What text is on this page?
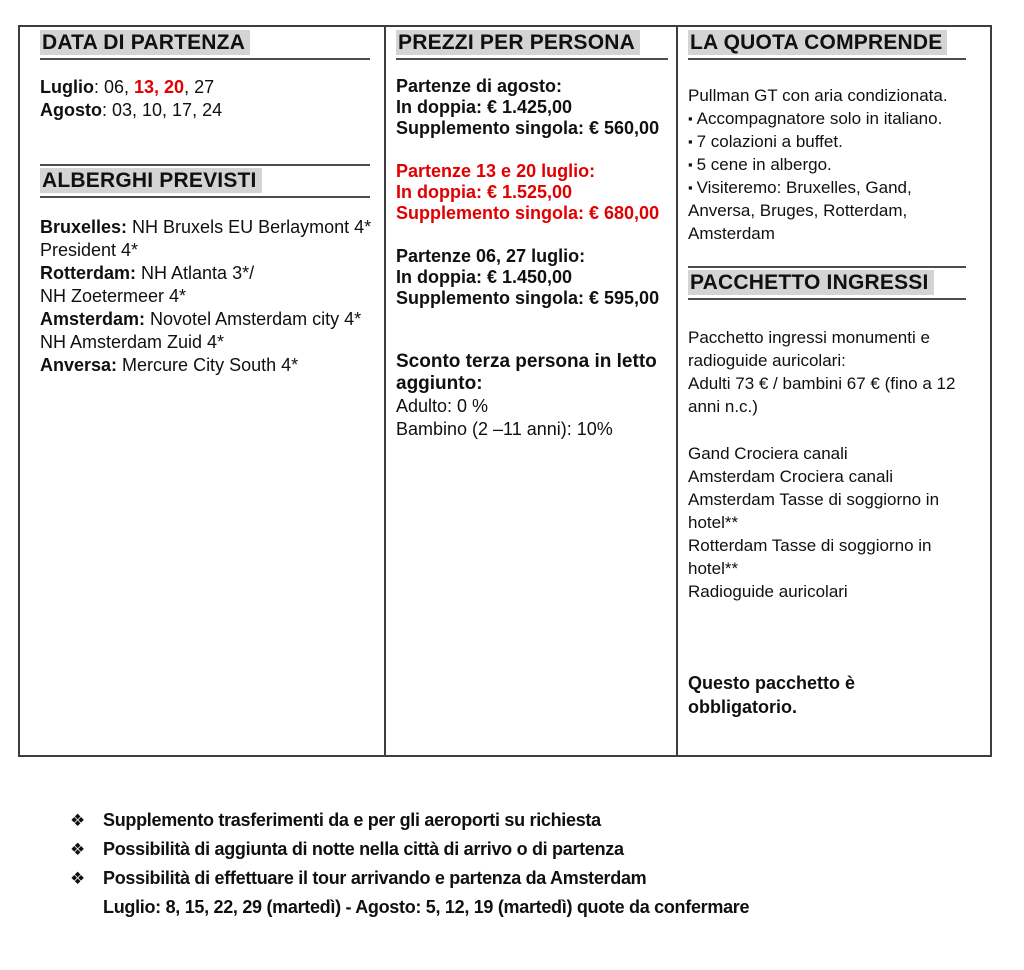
DATA DI PARTENZA
Luglio: 06, 13, 20, 27
Agosto: 03, 10, 17, 24
ALBERGHI PREVISTI
Bruxelles: NH Bruxels EU Berlaymont 4*
President 4*
Rotterdam: NH Atlanta 3*/
NH Zoetermeer 4*
Amsterdam: Novotel Amsterdam city 4*
NH Amsterdam Zuid 4*
Anversa: Mercure City South 4*
PREZZI PER PERSONA
Partenze di agosto:
In doppia: € 1.425,00
Supplemento singola: € 560,00
Partenze 13 e 20 luglio:
In doppia: € 1.525,00
Supplemento singola: € 680,00
Partenze 06, 27 luglio:
In doppia: € 1.450,00
Supplemento singola: € 595,00
Sconto terza persona in letto aggiunto:
Adulto: 0 %
Bambino (2 –11 anni): 10%
LA QUOTA COMPRENDE
Pullman GT con aria condizionata.
▪ Accompagnatore solo in italiano.
▪ 7 colazioni a buffet.
▪ 5 cene in albergo.
▪ Visiteremo: Bruxelles, Gand, Anversa, Bruges, Rotterdam, Amsterdam
PACCHETTO INGRESSI
Pacchetto ingressi monumenti e radioguide auricolari:
Adulti 73 € / bambini 67 € (fino a 12 anni n.c.)
Gand Crociera canali
Amsterdam Crociera canali
Amsterdam Tasse di soggiorno in hotel**
Rotterdam Tasse di soggiorno in hotel**
Radioguide auricolari
Questo pacchetto è obbligatorio.
❖	Supplemento trasferimenti da e per gli aeroporti su richiesta
❖	Possibilità di aggiunta di notte nella città di arrivo o di partenza
❖	Possibilità di effettuare il tour arrivando e partenza da Amsterdam
Luglio: 8, 15, 22, 29 (martedì) - Agosto: 5, 12, 19 (martedì) quote da confermare
